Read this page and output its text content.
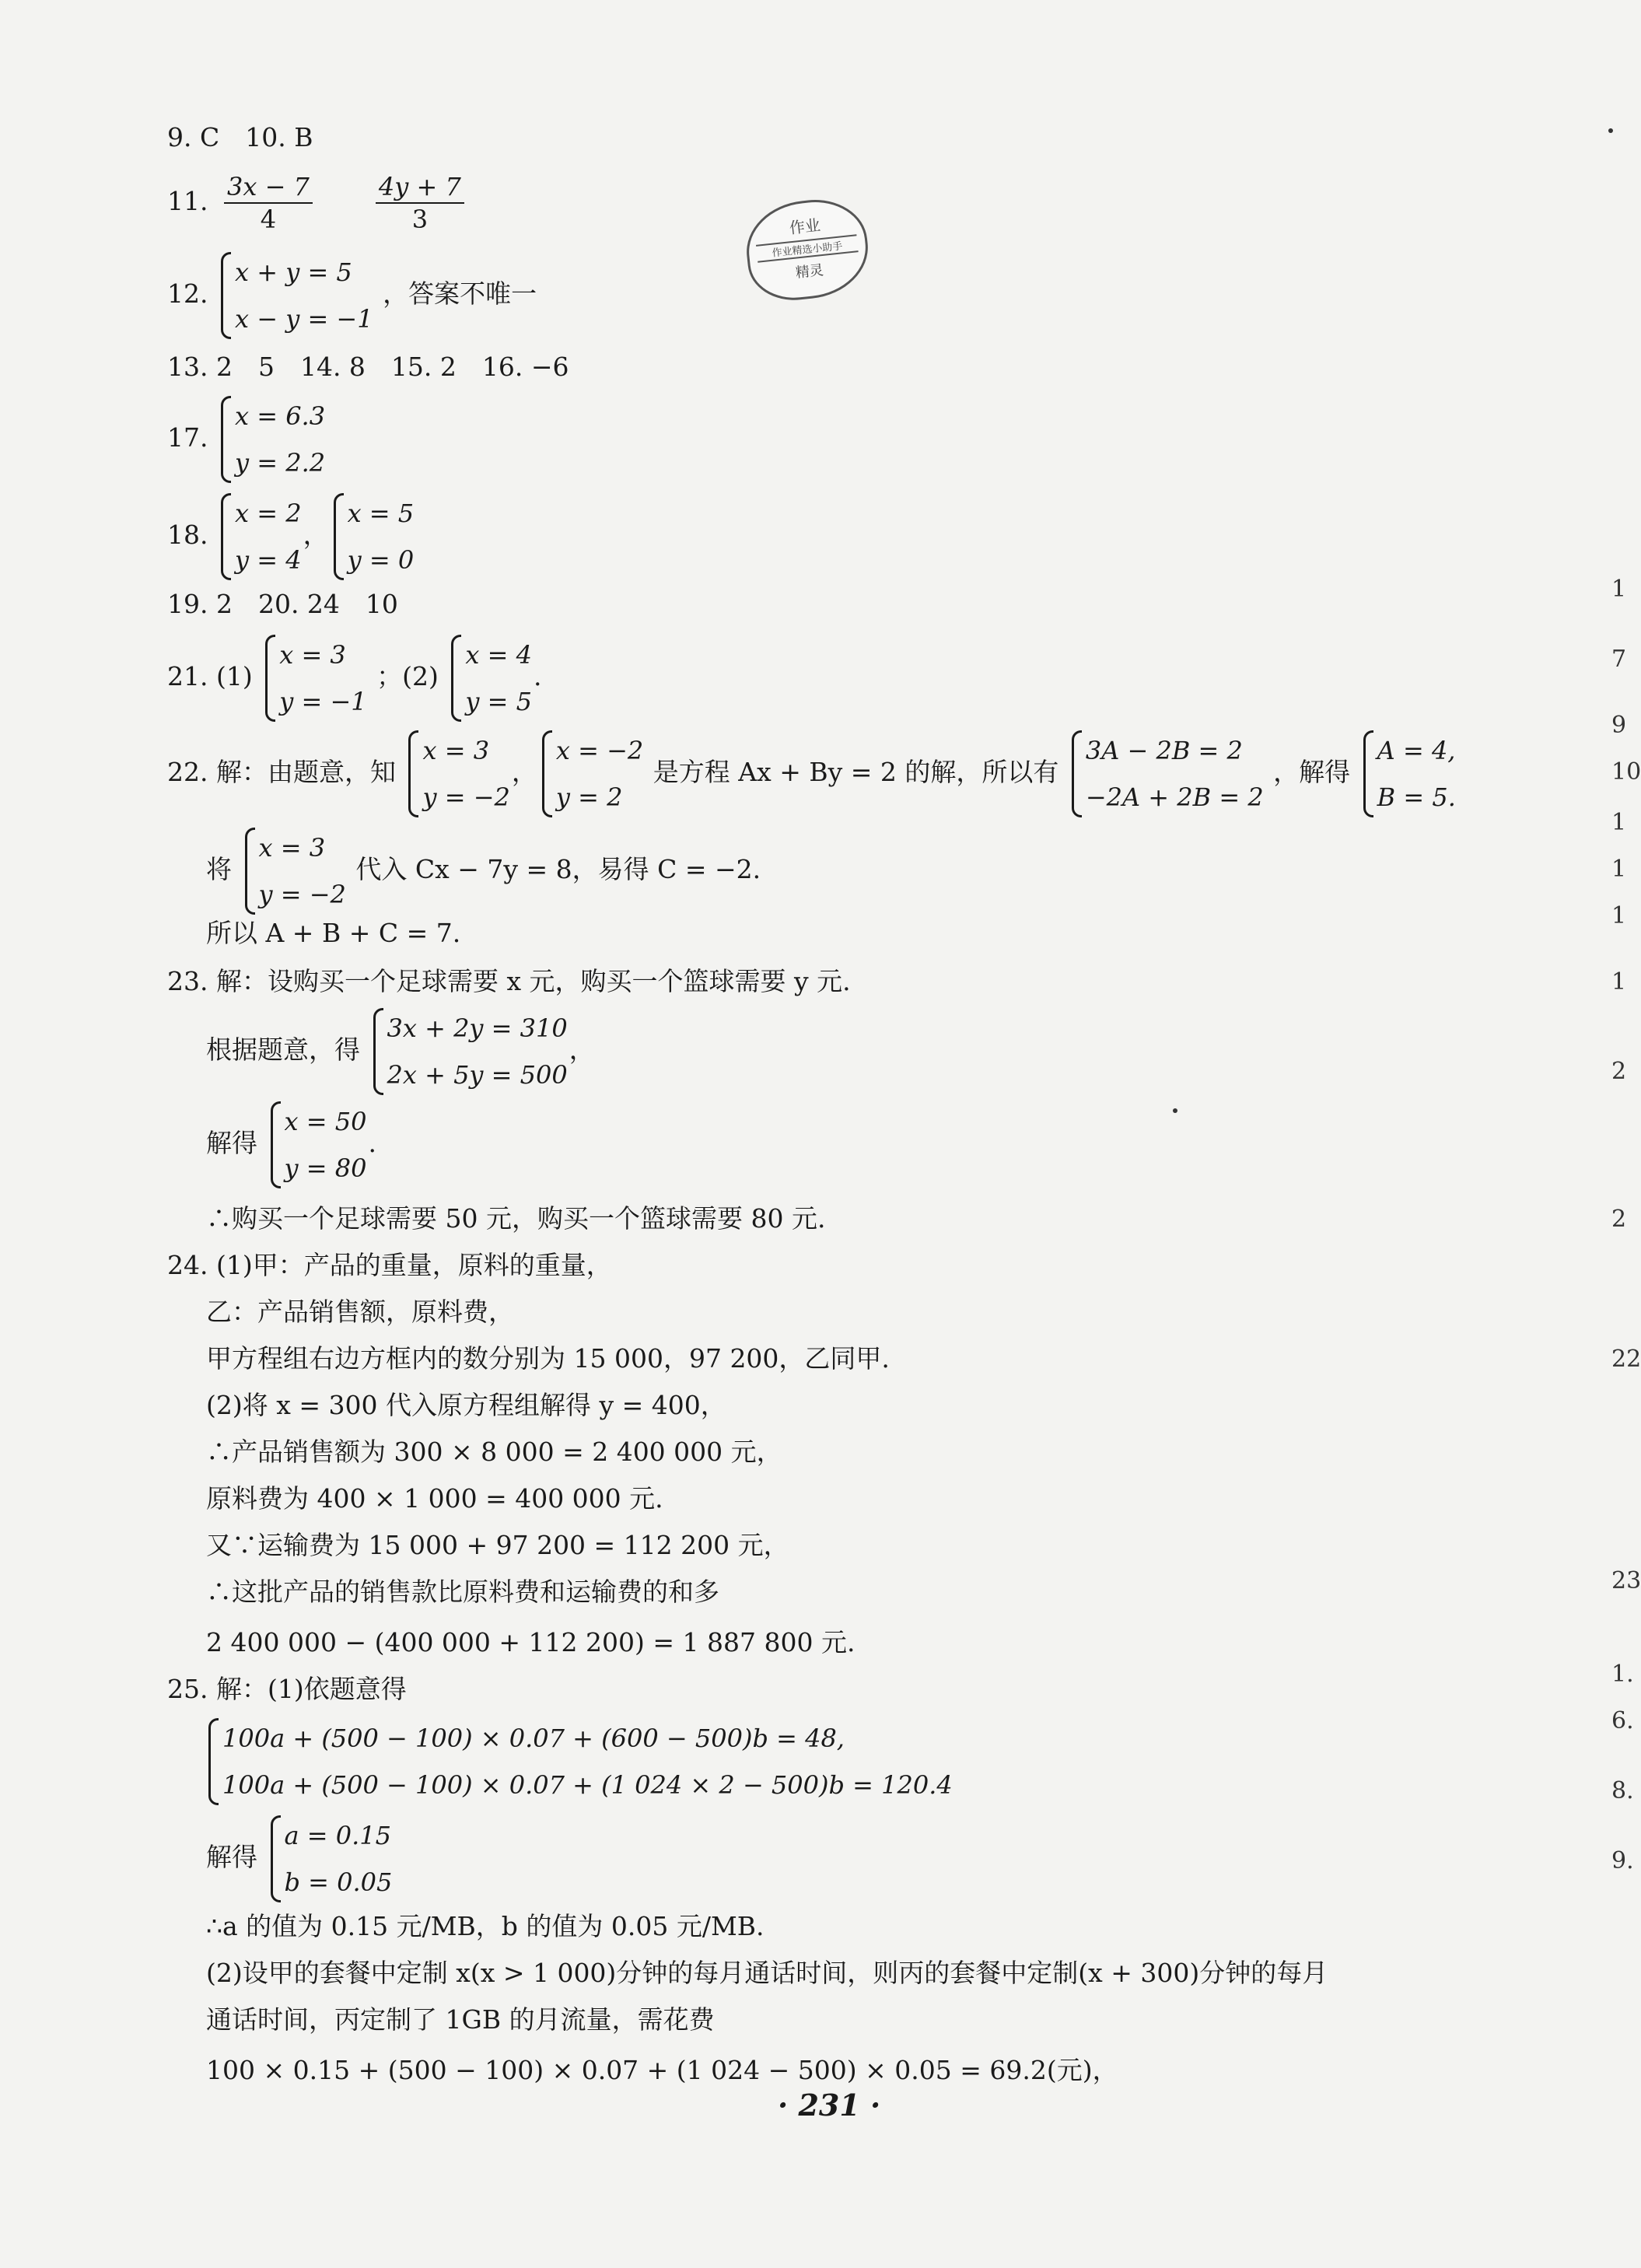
作业
作业精选小助手
精灵
9. C　10. B
11. $\frac{3x - 7}{4}$
	$\frac{4y + 7}{3}$
12.
x + y = 5
x − y = −1
，答案不唯一
13. 2　5　14. 8　15. 2　16. −6
17.
x = 6.3
y = 2.2
18.
x = 2
y = 4
，
x = 5
y = 0
19. 2　20. 24　10
21. (1)
x = 3
y = −1
；(2)
x = 4
y = 5
.
22. 解：由题意，知
x = 3
y = −2
，
x = −2
y = 2
是方程 Ax + By = 2 的解，所以有
3A − 2B = 2
−2A + 2B = 2
，解得
A = 4,
B = 5.
将
x = 3
y = −2
代入 Cx − 7y = 8，易得 C = −2.
所以 A + B + C = 7.
23. 解：设购买一个足球需要 x 元，购买一个篮球需要 y 元.
根据题意，得
3x + 2y = 310
2x + 5y = 500
，
解得
x = 50
y = 80
.
∴购买一个足球需要 50 元，购买一个篮球需要 80 元.
24. (1)甲：产品的重量，原料的重量，
乙：产品销售额，原料费，
甲方程组右边方框内的数分别为 15 000，97 200，乙同甲.
(2)将 x = 300 代入原方程组解得 y = 400，
∴产品销售额为 300 × 8 000 = 2 400 000 元，
原料费为 400 × 1 000 = 400 000 元.
又∵运输费为 15 000 + 97 200 = 112 200 元，
∴这批产品的销售款比原料费和运输费的和多
2 400 000 − (400 000 + 112 200) = 1 887 800 元.
25. 解：(1)依题意得
100a + (500 − 100) × 0.07 + (600 − 500)b = 48,
100a + (500 − 100) × 0.07 + (1 024 × 2 − 500)b = 120.4
解得
a = 0.15
b = 0.05
∴a 的值为 0.15 元/MB，b 的值为 0.05 元/MB.
(2)设甲的套餐中定制 x(x > 1 000)分钟的每月通话时间，则丙的套餐中定制(x + 300)分钟的每月
通话时间，丙定制了 1GB 的月流量，需花费
100 × 0.15 + (500 − 100) × 0.07 + (1 024 − 500) × 0.05 = 69.2(元)，
· 231 ·
1
7
9
10
1
1
1
1
2
2
22
23
1.
6.
8.
9.
